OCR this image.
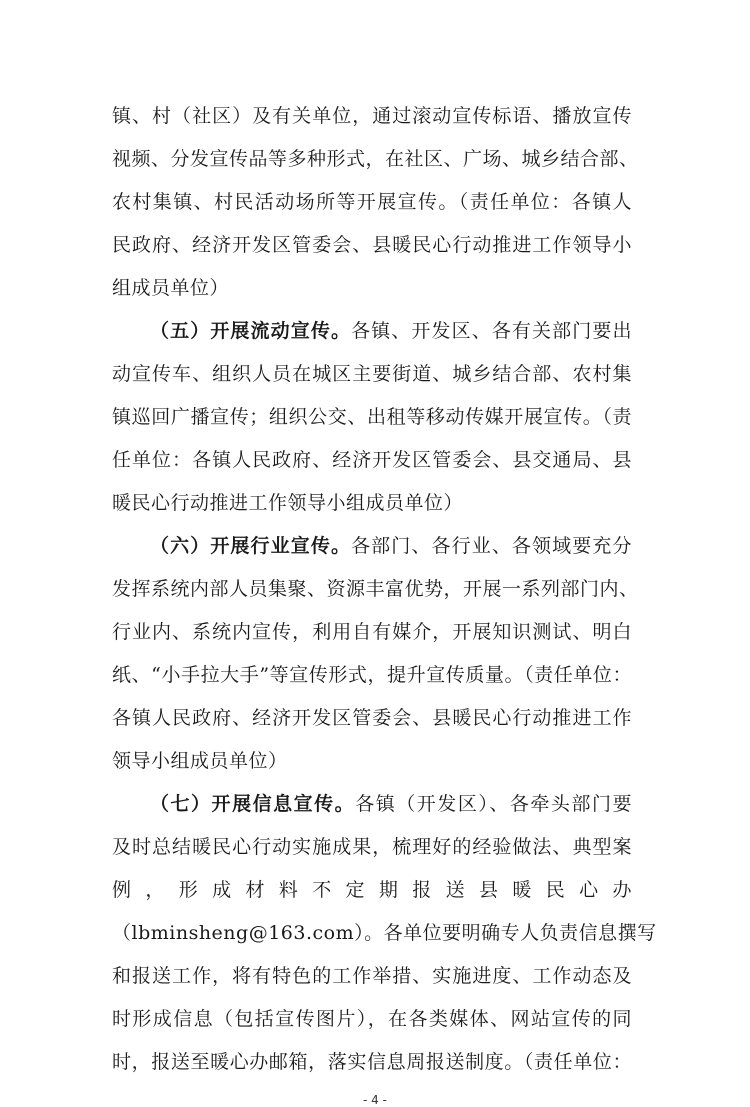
镇、村（社区）及有关单位，通过滚动宣传标语、播放宣传
视频、分发宣传品等多种形式，在社区、广场、城乡结合部、
农村集镇、村民活动场所等开展宣传。（责任单位：各镇人
民政府、经济开发区管委会、县暖民心行动推进工作领导小
组成员单位）
（五）开展流动宣传。各镇、开发区、各有关部门要出
动宣传车、组织人员在城区主要街道、城乡结合部、农村集
镇巡回广播宣传；组织公交、出租等移动传媒开展宣传。（责
任单位：各镇人民政府、经济开发区管委会、县交通局、县
暖民心行动推进工作领导小组成员单位）
（六）开展行业宣传。各部门、各行业、各领域要充分
发挥系统内部人员集聚、资源丰富优势，开展一系列部门内、
行业内、系统内宣传，利用自有媒介，开展知识测试、明白
纸、“小手拉大手”等宣传形式，提升宣传质量。（责任单位：
各镇人民政府、经济开发区管委会、县暖民心行动推进工作
领导小组成员单位）
（七）开展信息宣传。各镇（开发区）、各牵头部门要
及时总结暖民心行动实施成果，梳理好的经验做法、典型案
例，形成材料不定期报送县暖民心办
（lbminsheng@163.com）。各单位要明确专人负责信息撰写
和报送工作，将有特色的工作举措、实施进度、工作动态及
时形成信息（包括宣传图片），在各类媒体、网站宣传的同
时，报送至暖心办邮箱，落实信息周报送制度。（责任单位：
- 4 -
